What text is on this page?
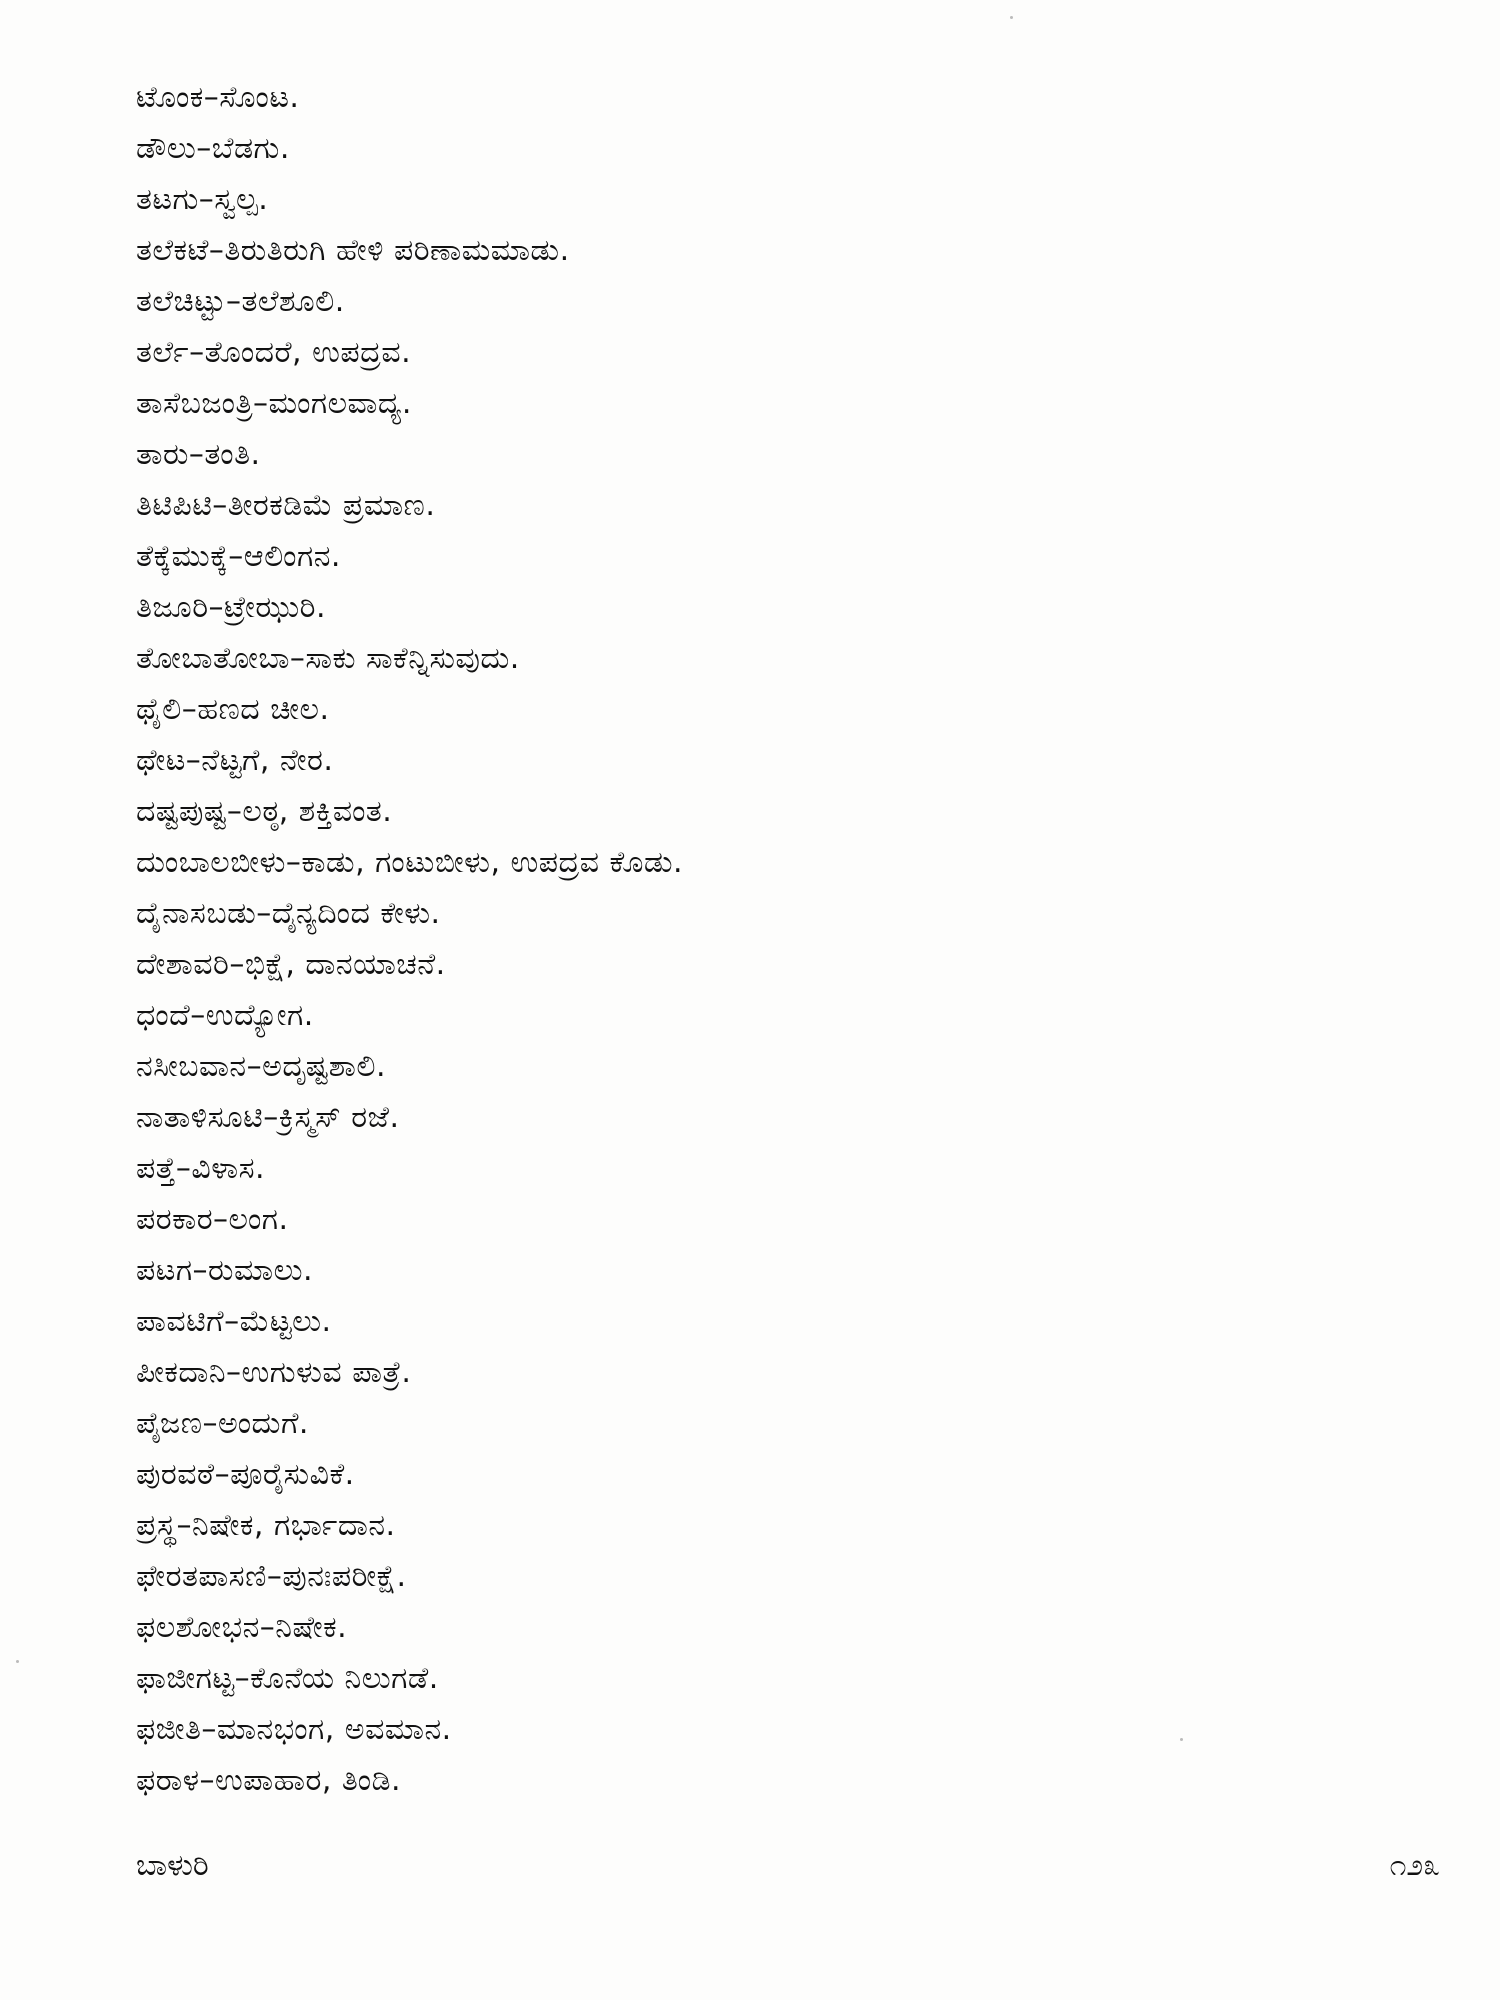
ಟೊಂಕ–ಸೊಂಟ.
ಡೌಲು–ಬೆಡಗು.
ತಟಗು–ಸ್ವಲ್ಪ.
ತಲೆಕಟೆ–ತಿರುತಿರುಗಿ ಹೇಳಿ ಪರಿಣಾಮಮಾಡು.
ತಲೆಚಿಟ್ಟು–ತಲೆಶೂಲಿ.
ತರ್ಲೆ–ತೊಂದರೆ, ಉಪದ್ರವ.
ತಾಸೆಬಜಂತ್ರಿ–ಮಂಗಲವಾದ್ಯ.
ತಾರು–ತಂತಿ.
ತಿಟಿಪಿಟಿ–ತೀರಕಡಿಮೆ ಪ್ರಮಾಣ.
ತೆಕ್ಕೆಮುಕ್ಕೆ–ಆಲಿಂಗನ.
ತಿಜೂರಿ–ಟ್ರೇಝುರಿ.
ತೋಬಾತೋಬಾ–ಸಾಕು ಸಾಕೆನ್ನಿಸುವುದು.
ಥೈಲಿ–ಹಣದ ಚೀಲ.
ಥೇಟ–ನೆಟ್ಟಗೆ, ನೇರ.
ದಷ್ಟಪುಷ್ಟ–ಲಠ್ಠ, ಶಕ್ತಿವಂತ.
ದುಂಬಾಲಬೀಳು–ಕಾಡು, ಗಂಟುಬೀಳು, ಉಪದ್ರವ ಕೊಡು.
ದೈನಾಸಬಡು–ದೈನ್ಯದಿಂದ ಕೇಳು.
ದೇಶಾವರಿ–ಭಿಕ್ಷೆ, ದಾನಯಾಚನೆ.
ಧಂದೆ–ಉದ್ಯೋಗ.
ನಸೀಬವಾನ–ಅದೃಷ್ಟಶಾಲಿ.
ನಾತಾಳಿಸೂಟಿ–ಕ್ರಿಸ್ಮಸ್ ರಜೆ.
ಪತ್ತೆ–ವಿಳಾಸ.
ಪರಕಾರ–ಲಂಗ.
ಪಟಗ–ರುಮಾಲು.
ಪಾವಟಿಗೆ–ಮೆಟ್ಟಲು.
ಪೀಕದಾನಿ–ಉಗುಳುವ ಪಾತ್ರೆ.
ಪೈಜಣ–ಅಂದುಗೆ.
ಪುರವಠೆ–ಪೂರೈಸುವಿಕೆ.
ಪ್ರಸ್ಥ–ನಿಷೇಕ, ಗರ್ಭಾದಾನ.
ಫೇರತಪಾಸಣಿ–ಪುನಃಪರೀಕ್ಷೆ.
ಫಲಶೋಭನ–ನಿಷೇಕ.
ಫಾಜೀಗಟ್ಟ–ಕೊನೆಯ ನಿಲುಗಡೆ.
ಫಜೀತಿ–ಮಾನಭಂಗ, ಅವಮಾನ.
ಫರಾಳ–ಉಪಾಹಾರ, ತಿಂಡಿ.
ಬಾಳುರಿ	೧೨೩
